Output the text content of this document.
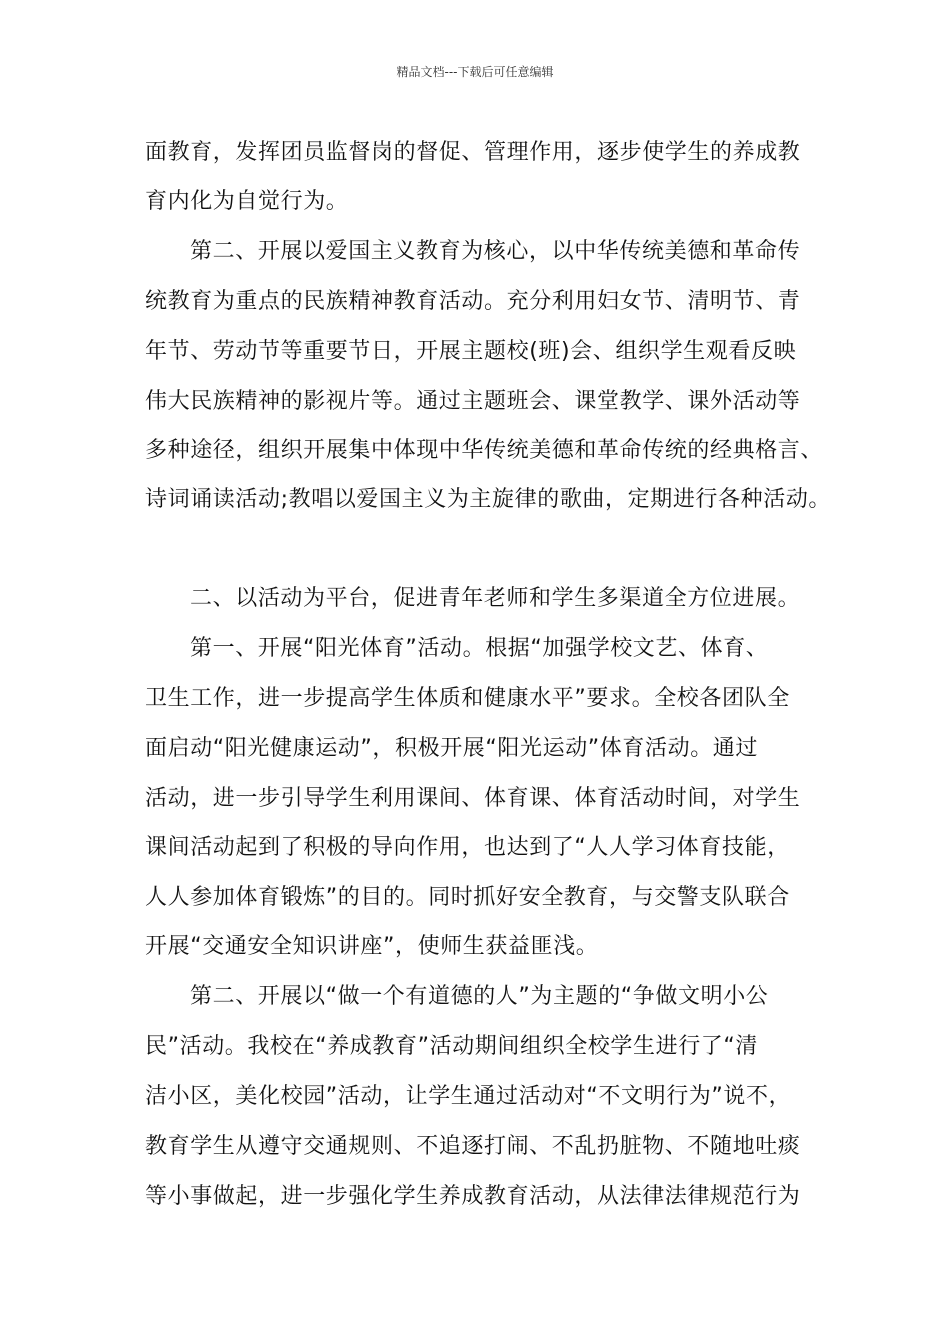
精品文档---下载后可任意编辑
面教育，发挥团员监督岗的督促、管理作用，逐步使学生的养成教
育内化为自觉行为。
第二、开展以爱国主义教育为核心，以中华传统美德和革命传
统教育为重点的民族精神教育活动。充分利用妇女节、清明节、青
年节、劳动节等重要节日，开展主题校(班)会、组织学生观看反映
伟大民族精神的影视片等。通过主题班会、课堂教学、课外活动等
多种途径，组织开展集中体现中华传统美德和革命传统的经典格言、
诗词诵读活动;教唱以爱国主义为主旋律的歌曲，定期进行各种活动。
二、以活动为平台，促进青年老师和学生多渠道全方位进展。
第一、开展“阳光体育”活动。根据“加强学校文艺、体育、
卫生工作，进一步提高学生体质和健康水平”要求。全校各团队全
面启动“阳光健康运动”，积极开展“阳光运动”体育活动。通过
活动，进一步引导学生利用课间、体育课、体育活动时间，对学生
课间活动起到了积极的导向作用，也达到了“人人学习体育技能，
人人参加体育锻炼”的目的。同时抓好安全教育，与交警支队联合
开展“交通安全知识讲座”，使师生获益匪浅。
第二、开展以“做一个有道德的人”为主题的“争做文明小公
民”活动。我校在“养成教育”活动期间组织全校学生进行了“清
洁小区，美化校园”活动，让学生通过活动对“不文明行为”说不，
教育学生从遵守交通规则、不追逐打闹、不乱扔脏物、不随地吐痰
等小事做起，进一步强化学生养成教育活动，从法律法律规范行为
